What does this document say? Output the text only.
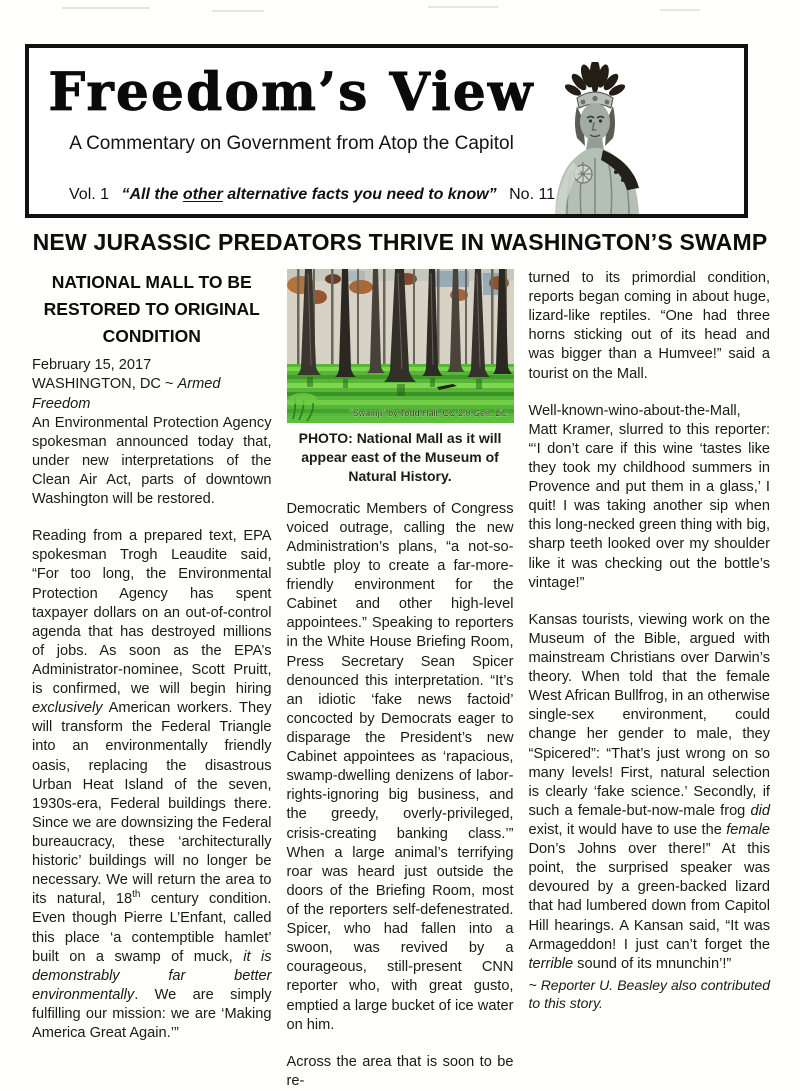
Freedom’s View
A Commentary on Government from Atop the Capitol
Vol. 1 “All the other alternative facts you need to know” No. 11
NEW JURASSIC PREDATORS THRIVE IN WASHINGTON’S SWAMP
NATIONAL MALL TO BE RESTORED TO ORIGINAL CONDITION
February 15, 2017
WASHINGTON, DC ~ Armed Freedom

An Environmental Protection Agency spokesman announced today that, under new interpretations of the Clean Air Act, parts of downtown Washington will be restored.

Reading from a prepared text, EPA spokesman Trogh Leaudite said, “For too long, the Environmental Protection Agency has spent taxpayer dollars on an out-of-control agenda that has destroyed millions of jobs. As soon as the EPA’s Administrator-nominee, Scott Pruitt, is confirmed, we will begin hiring exclusively American workers. They will transform the Federal Triangle into an environmentally friendly oasis, replacing the disastrous Urban Heat Island of the seven, 1930s-era, Federal buildings there. Since we are downsizing the Federal bureaucracy, these ‘architecturally historic’ buildings will no longer be necessary. We will return the area to its natural, 18th century condition. Even though Pierre L’Enfant, called this place ‘a contemptible hamlet’ built on a swamp of muck, it is demonstrably far better environmentally. We are simply fulfilling our mission: we are ‘Making America Great Again.’”

“Swamp” by Todd Hall, CC 2.0 Gen. Lic.
PHOTO: National Mall as it will appear east of the Museum of Natural History.

Democratic Members of Congress voiced outrage, calling the new Administration’s plans, “a not-so-subtle ploy to create a far-more-friendly environment for the Cabinet and other high-level appointees.” Speaking to reporters in the White House Briefing Room, Press Secretary Sean Spicer denounced this interpretation. “It’s an idiotic ‘fake news factoid’ concocted by Democrats eager to disparage the President’s new Cabinet appointees as ‘rapacious, swamp-dwelling denizens of labor-rights-ignoring big business, and the greedy, overly-privileged, crisis-creating banking class.’” When a large animal’s terrifying roar was heard just outside the doors of the Briefing Room, most of the reporters self-defenestrated. Spicer, who had fallen into a swoon, was revived by a courageous, still-present CNN reporter who, with great gusto, emptied a large bucket of ice water on him.

Across the area that is soon to be re-

turned to its primordial condition, reports began coming in about huge, lizard-like reptiles. “One had three horns sticking out of its head and was bigger than a Humvee!” said a tourist on the Mall.

Well-known-wino-about-the-Mall, Matt Kramer, slurred to this reporter: “‘I don’t care if this wine ‘tastes like they took my childhood summers in Provence and put them in a glass,’ I quit! I was taking another sip when this long-necked green thing with big, sharp teeth looked over my shoulder like it was checking out the bottle’s vintage!”

Kansas tourists, viewing work on the Museum of the Bible, argued with mainstream Christians over Darwin’s theory. When told that the female West African Bullfrog, in an otherwise single-sex environment, could change her gender to male, they “Spicered”: “That’s just wrong on so many levels! First, natural selection is clearly ‘fake science.’ Secondly, if such a female-but-now-male frog did exist, it would have to use the female Don’s Johns over there!” At this point, the surprised speaker was devoured by a green-backed lizard that had lumbered down from Capitol Hill hearings. A Kansan said, “It was Armageddon! I just can’t forget the terrible sound of its mnunchin’!”

~ Reporter U. Beasley also contributed to this story.
